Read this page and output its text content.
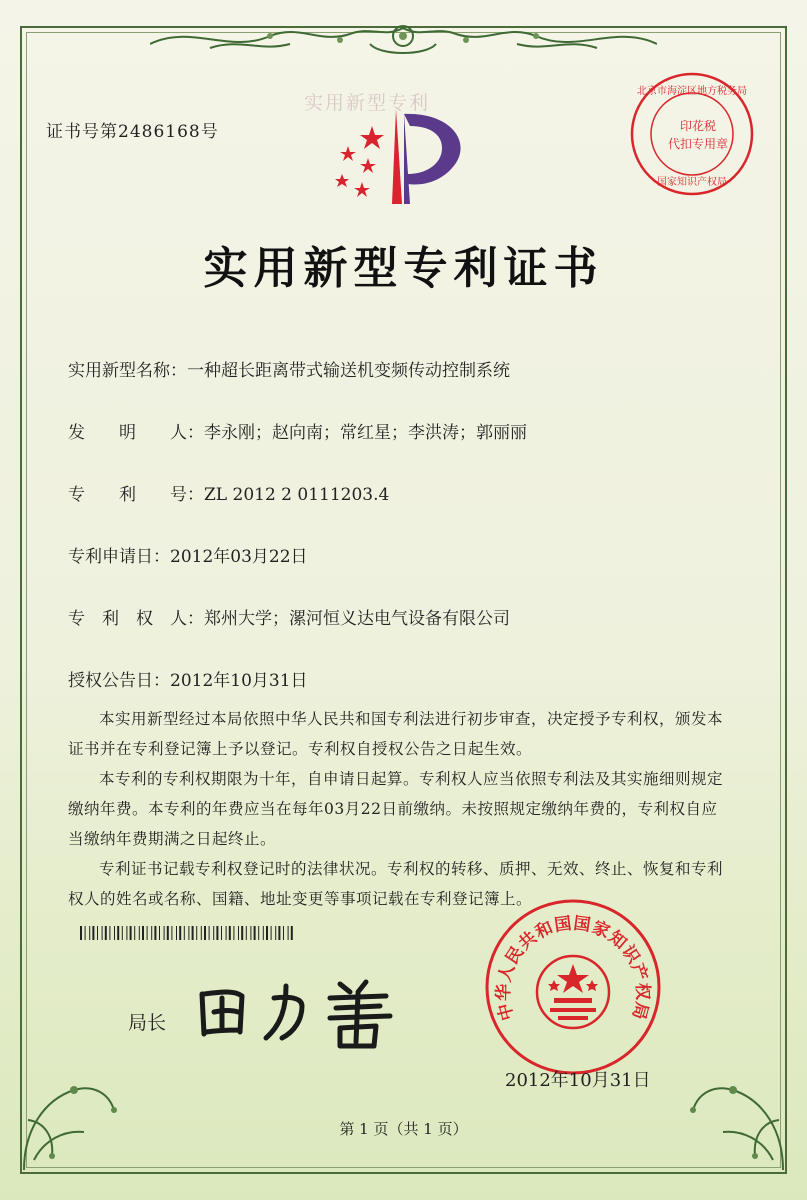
证书号第2486168号
实用新型专利
北京市海淀区地方税务局
印花税
代扣专用章
国家知识产权局
实用新型专利证书
实用新型名称：一种超长距离带式输送机变频传动控制系统
发　　明　　人：李永刚；赵向南；常红星；李洪涛；郭丽丽
专　　利　　号：ZL 2012 2 0111203.4
专利申请日：2012年03月22日
专　利　权　人：郑州大学；漯河恒义达电气设备有限公司
授权公告日：2012年10月31日
本实用新型经过本局依照中华人民共和国专利法进行初步审查，决定授予专利权，颁发本证书并在专利登记簿上予以登记。专利权自授权公告之日起生效。
本专利的专利权期限为十年，自申请日起算。专利权人应当依照专利法及其实施细则规定缴纳年费。本专利的年费应当在每年03月22日前缴纳。未按照规定缴纳年费的，专利权自应当缴纳年费期满之日起终止。
专利证书记载专利权登记时的法律状况。专利权的转移、质押、无效、终止、恢复和专利权人的姓名或名称、国籍、地址变更等事项记载在专利登记簿上。
局长
中华人民共和国国家知识产权局
2012年10月31日
第 1 页（共 1 页）
